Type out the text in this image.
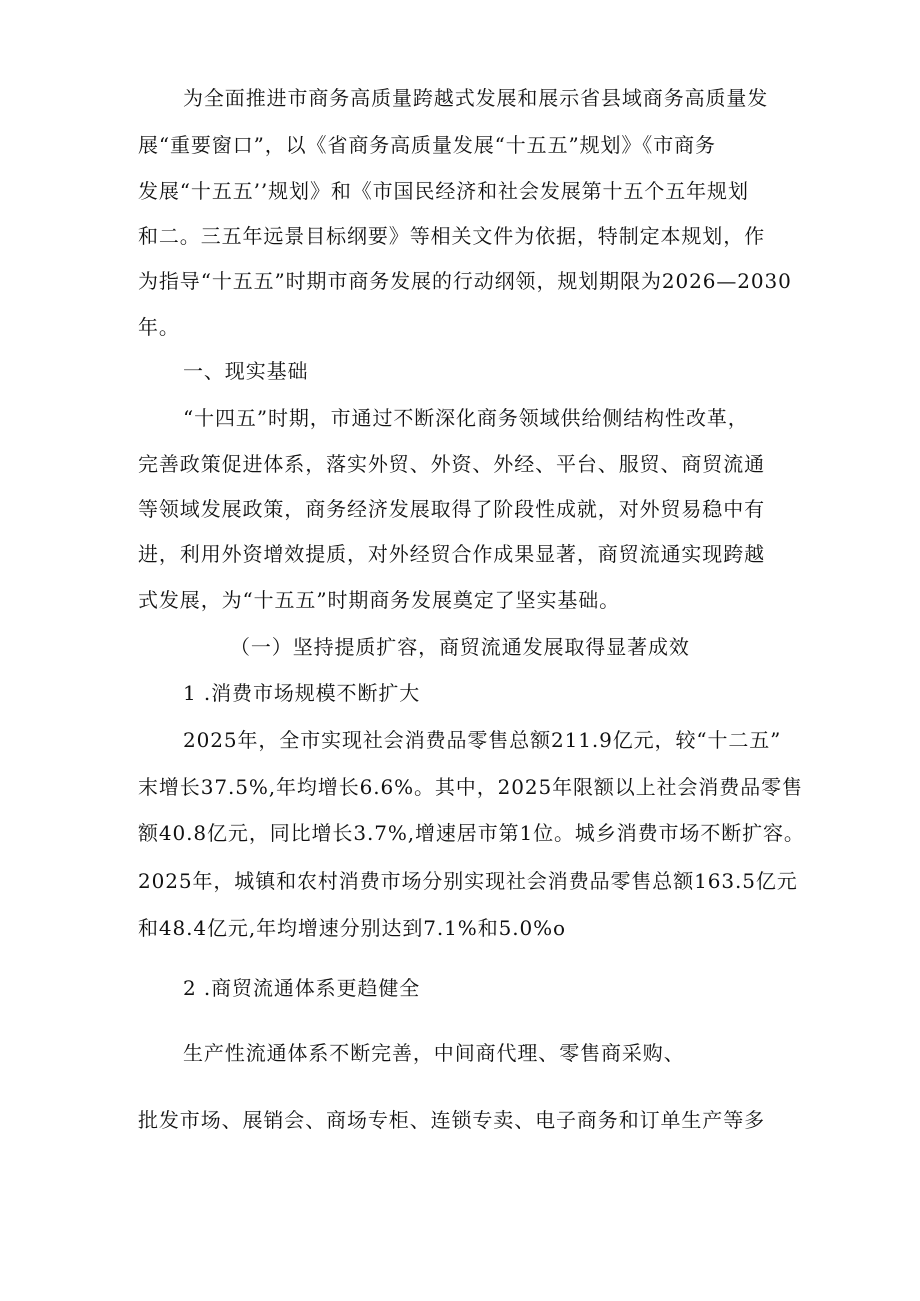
为全面推进市商务高质量跨越式发展和展示省县域商务高质量发

展“重要窗口”，以《省商务高质量发展“十五五”规划》《市商务

发展“十五五’’规划》和《市国民经济和社会发展第十五个五年规划

和二。三五年远景目标纲要》等相关文件为依据，特制定本规划，作

为指导“十五五”时期市商务发展的行动纲领，规划期限为2026—2030

年。

一、现实基础

“十四五”时期，市通过不断深化商务领域供给侧结构性改革，

完善政策促进体系，落实外贸、外资、外经、平台、服贸、商贸流通

等领域发展政策，商务经济发展取得了阶段性成就，对外贸易稳中有

进，利用外资增效提质，对外经贸合作成果显著，商贸流通实现跨越

式发展，为“十五五”时期商务发展奠定了坚实基础。

（一）坚持提质扩容，商贸流通发展取得显著成效

1 .消费市场规模不断扩大

2025年，全市实现社会消费品零售总额211.9亿元，较“十二五”

末增长37.5%,年均增长6.6%。其中，2025年限额以上社会消费品零售

额40.8亿元，同比增长3.7%,增速居市第1位。城乡消费市场不断扩容。

2025年，城镇和农村消费市场分别实现社会消费品零售总额163.5亿元

和48.4亿元,年均增速分别达到7.1%和5.0%o

2 .商贸流通体系更趋健全

生产性流通体系不断完善，中间商代理、零售商采购、

批发市场、展销会、商场专柜、连锁专卖、电子商务和订单生产等多
